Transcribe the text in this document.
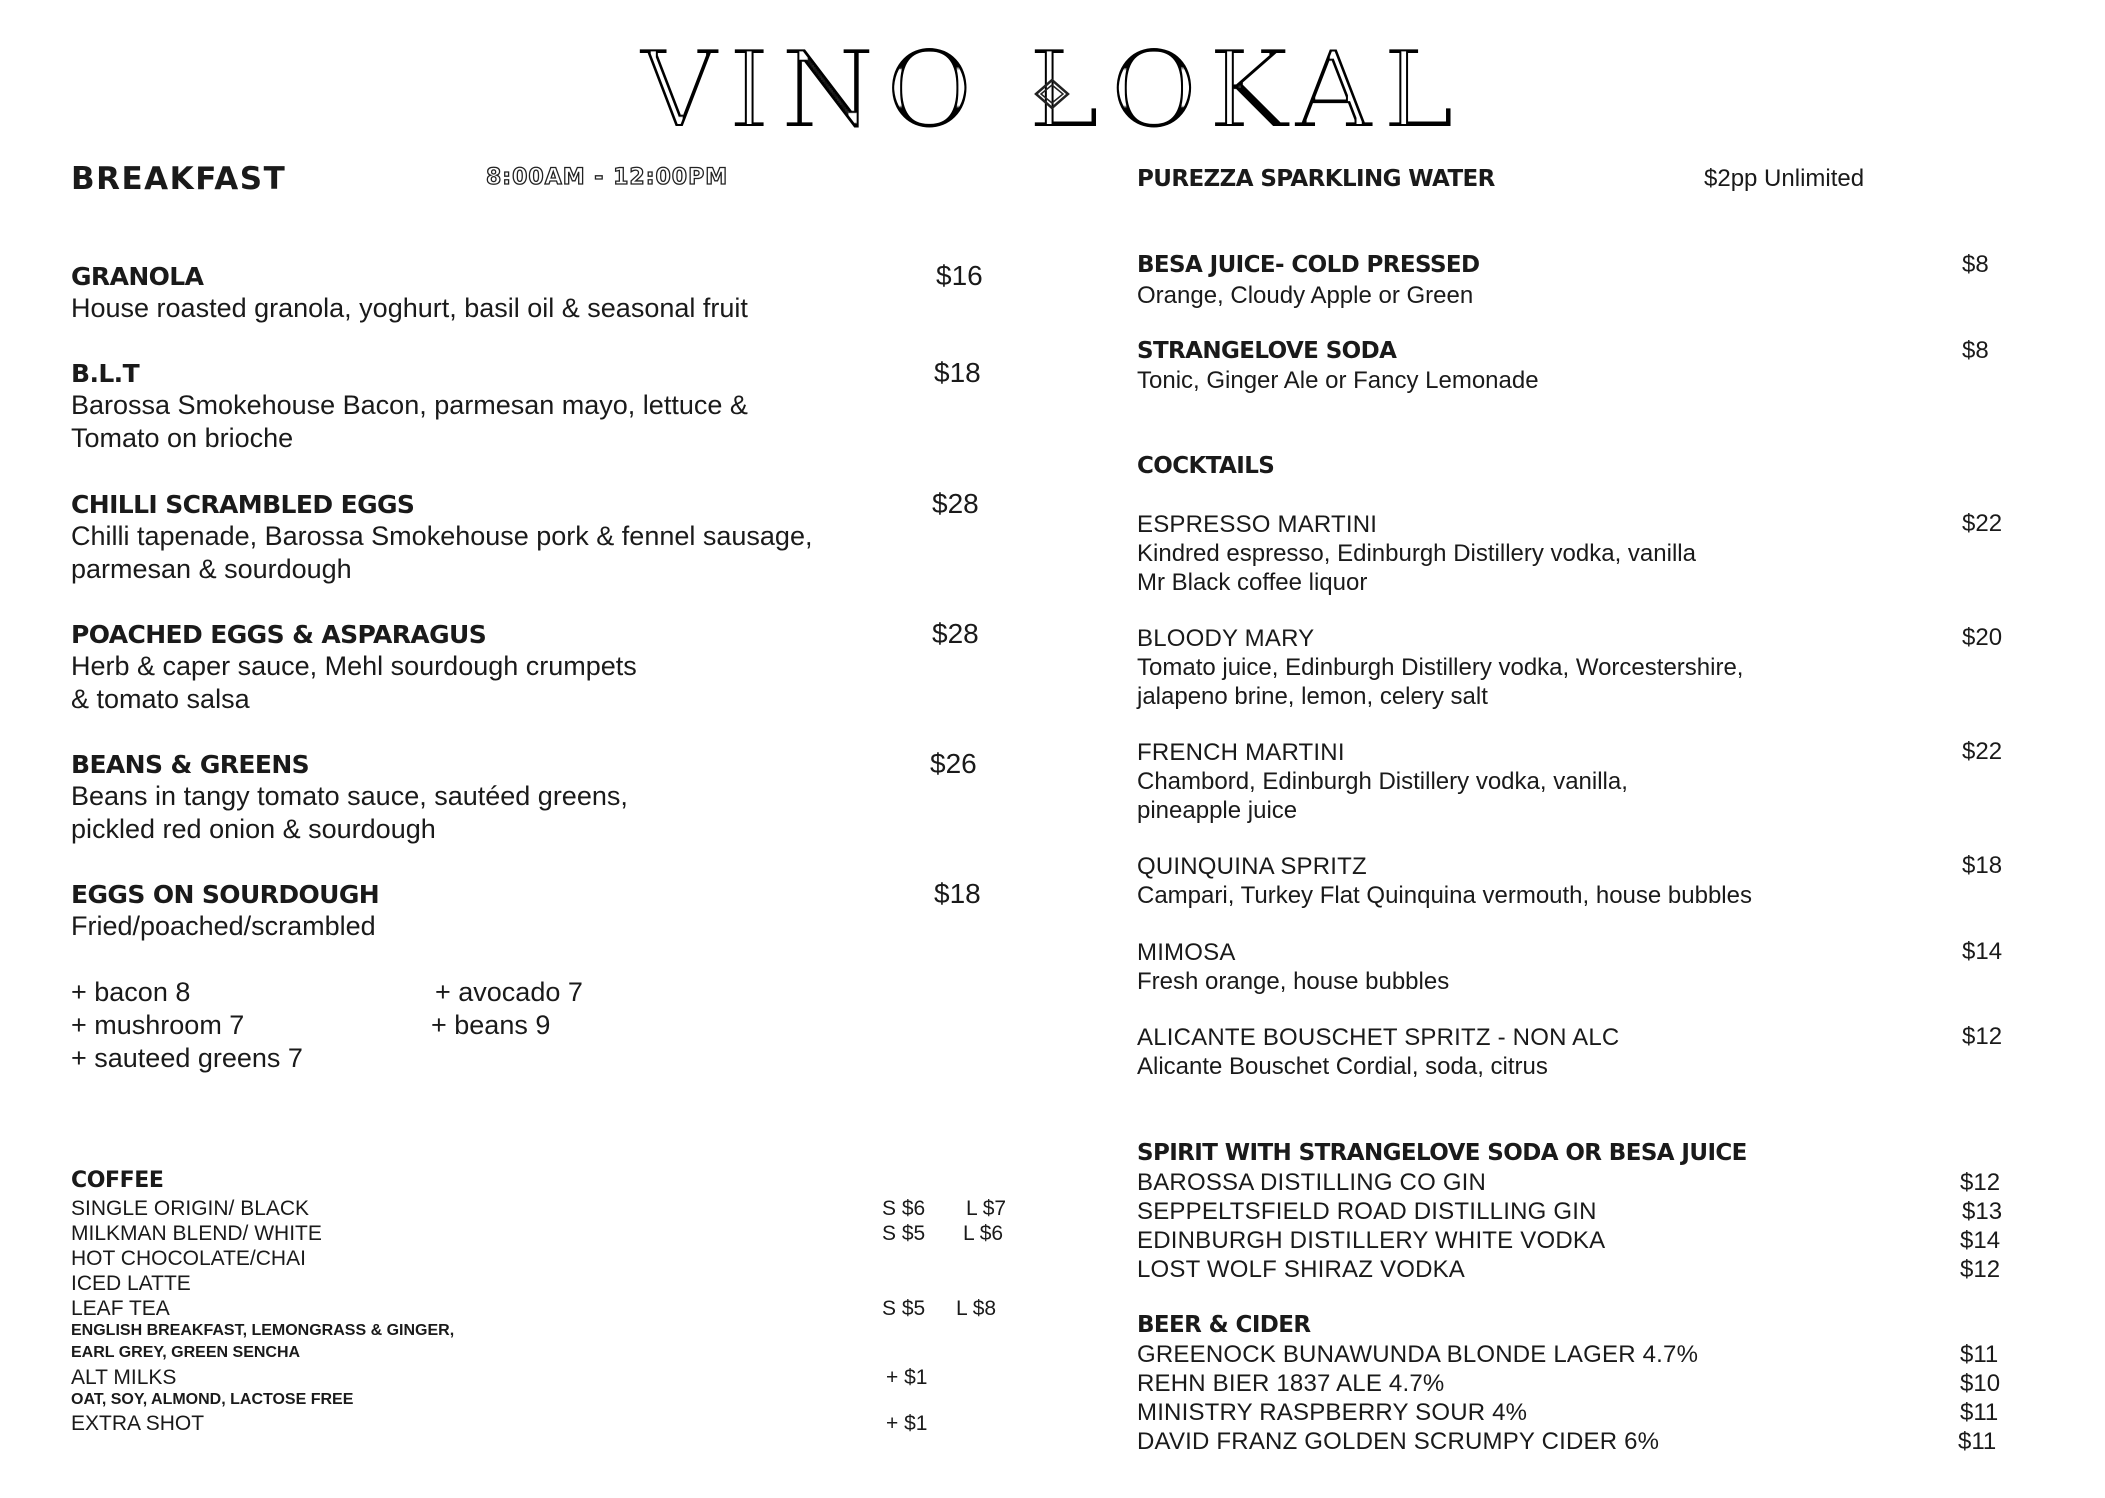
VINO LOKAL
BREAKFAST	8:00AM - 12:00PM
GRANOLA	$16
House roasted granola, yoghurt, basil oil & seasonal fruit
B.L.T	$18
Barossa Smokehouse Bacon, parmesan mayo, lettuce &
Tomato on brioche
CHILLI SCRAMBLED EGGS	$28
Chilli tapenade, Barossa Smokehouse pork & fennel sausage,
parmesan & sourdough
POACHED EGGS & ASPARAGUS	$28
Herb & caper sauce, Mehl sourdough crumpets
& tomato salsa
BEANS & GREENS	$26
Beans in tangy tomato sauce, sautéed greens,
pickled red onion & sourdough
EGGS ON SOURDOUGH	$18
Fried/poached/scrambled
+ bacon 8	+ avocado 7
+ mushroom 7	+ beans 9
+ sauteed greens 7
COFFEE
SINGLE ORIGIN/ BLACK	S $6 L $7
MILKMAN BLEND/ WHITE	S $5 L $6
HOT CHOCOLATE/CHAI
ICED LATTE
LEAF TEA	S $5 L $8
ENGLISH BREAKFAST, LEMONGRASS & GINGER,
EARL GREY, GREEN SENCHA
ALT MILKS	+ $1
OAT, SOY, ALMOND, LACTOSE FREE
EXTRA SHOT	+ $1
PUREZZA SPARKLING WATER	$2pp Unlimited
BESA JUICE- COLD PRESSED	$8
Orange, Cloudy Apple or Green
STRANGELOVE SODA	$8
Tonic, Ginger Ale or Fancy Lemonade
COCKTAILS
ESPRESSO MARTINI	$22
Kindred espresso, Edinburgh Distillery vodka, vanilla
Mr Black coffee liquor
BLOODY MARY	$20
Tomato juice, Edinburgh Distillery vodka, Worcestershire,
jalapeno brine, lemon, celery salt
FRENCH MARTINI	$22
Chambord, Edinburgh Distillery vodka, vanilla,
pineapple juice
QUINQUINA SPRITZ	$18
Campari, Turkey Flat Quinquina vermouth, house bubbles
MIMOSA	$14
Fresh orange, house bubbles
ALICANTE BOUSCHET SPRITZ - NON ALC	$12
Alicante Bouschet Cordial, soda, citrus
SPIRIT WITH STRANGELOVE SODA OR BESA JUICE
BAROSSA DISTILLING CO GIN	$12
SEPPELTSFIELD ROAD DISTILLING GIN	$13
EDINBURGH DISTILLERY WHITE VODKA	$14
LOST WOLF SHIRAZ VODKA	$12
BEER & CIDER
GREENOCK BUNAWUNDA BLONDE LAGER 4.7%	$11
REHN BIER 1837 ALE 4.7%	$10
MINISTRY RASPBERRY SOUR 4%	$11
DAVID FRANZ GOLDEN SCRUMPY CIDER 6%	$11
